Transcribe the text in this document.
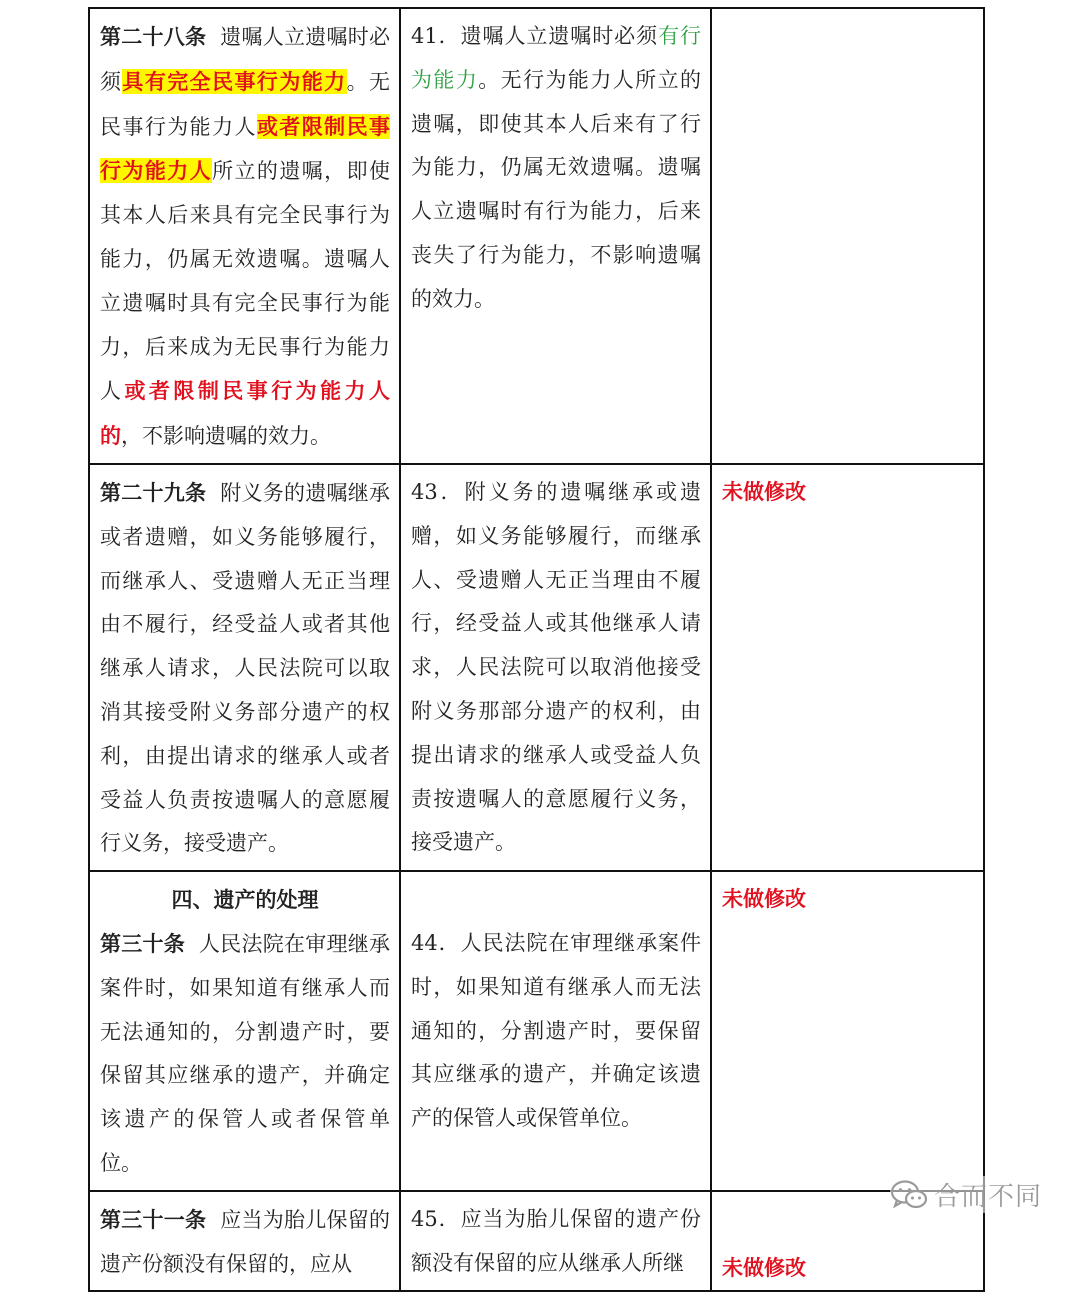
第二十八条 遗嘱人立遗嘱时必须具有完全民事行为能力。无民事行为能力人或者限制民事行为能力人所立的遗嘱，即使其本人后来具有完全民事行为能力，仍属无效遗嘱。遗嘱人立遗嘱时具有完全民事行为能力，后来成为无民事行为能力人或者限制民事行为能力人的，不影响遗嘱的效力。	41．遗嘱人立遗嘱时必须有行为能力。无行为能力人所立的遗嘱，即使其本人后来有了行为能力，仍属无效遗嘱。遗嘱人立遗嘱时有行为能力，后来丧失了行为能力，不影响遗嘱的效力。	
第二十九条 附义务的遗嘱继承或者遗赠，如义务能够履行，而继承人、受遗赠人无正当理由不履行，经受益人或者其他继承人请求，人民法院可以取消其接受附义务部分遗产的权利，由提出请求的继承人或者受益人负责按遗嘱人的意愿履行义务，接受遗产。	43．附义务的遗嘱继承或遗赠，如义务能够履行，而继承人、受遗赠人无正当理由不履行，经受益人或其他继承人请求，人民法院可以取消他接受附义务那部分遗产的权利，由提出请求的继承人或受益人负责按遗嘱人的意愿履行义务，接受遗产。	未做修改

四、遗产的处理
第三十条 人民法院在审理继承案件时，如果知道有继承人而无法通知的，分割遗产时，要保留其应继承的遗产，并确定该遗产的保管人或者保管单位。	44．人民法院在审理继承案件时，如果知道有继承人而无法通知的，分割遗产时，要保留其应继承的遗产，并确定该遗产的保管人或保管单位。	未做修改
第三十一条 应当为胎儿保留的遗产份额没有保留的，应从	45．应当为胎儿保留的遗产份额没有保留的应从继承人所继	未做修改
合而不同
